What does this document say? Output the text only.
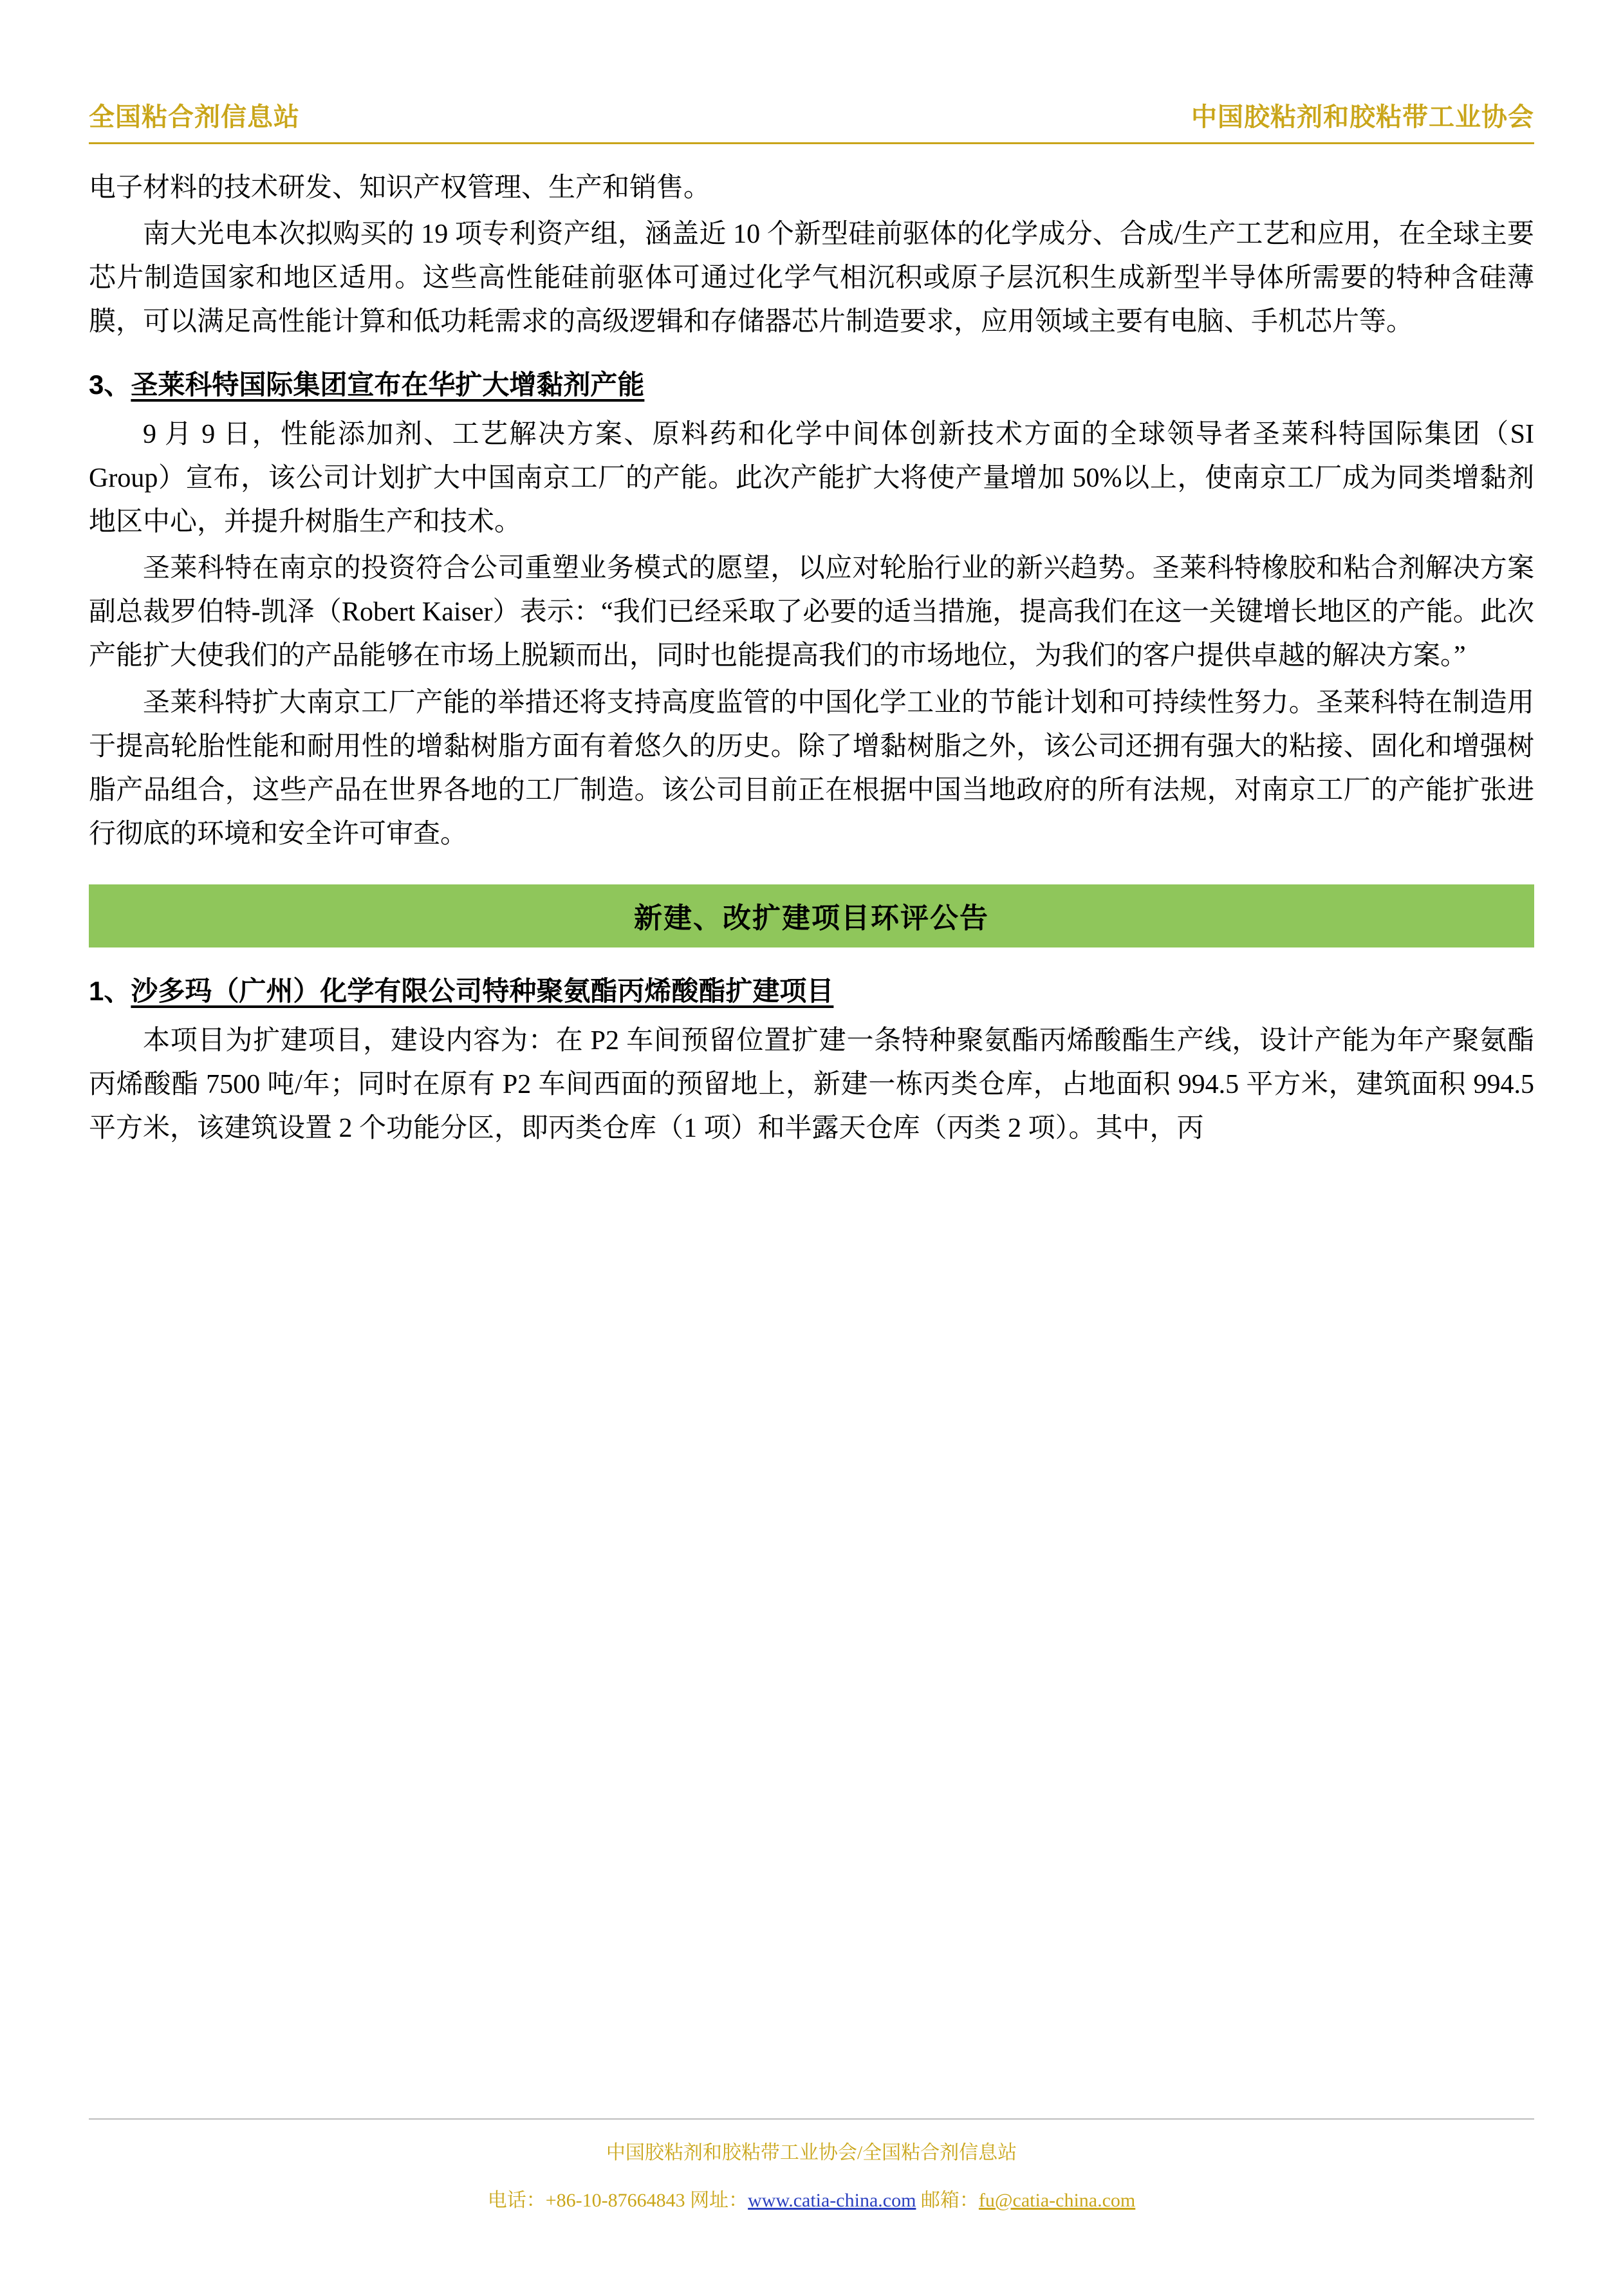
全国粘合剂信息站	中国胶粘剂和胶粘带工业协会

电子材料的技术研发、知识产权管理、生产和销售。

南大光电本次拟购买的 19 项专利资产组，涵盖近 10 个新型硅前驱体的化学成分、合成/生产工艺和应用，在全球主要芯片制造国家和地区适用。这些高性能硅前驱体可通过化学气相沉积或原子层沉积生成新型半导体所需要的特种含硅薄膜，可以满足高性能计算和低功耗需求的高级逻辑和存储器芯片制造要求，应用领域主要有电脑、手机芯片等。

3、圣莱科特国际集团宣布在华扩大增黏剂产能

9 月 9 日，性能添加剂、工艺解决方案、原料药和化学中间体创新技术方面的全球领导者圣莱科特国际集团（SI Group）宣布，该公司计划扩大中国南京工厂的产能。此次产能扩大将使产量增加 50%以上，使南京工厂成为同类增黏剂地区中心，并提升树脂生产和技术。

圣莱科特在南京的投资符合公司重塑业务模式的愿望，以应对轮胎行业的新兴趋势。圣莱科特橡胶和粘合剂解决方案副总裁罗伯特-凯泽（Robert Kaiser）表示：“我们已经采取了必要的适当措施，提高我们在这一关键增长地区的产能。此次产能扩大使我们的产品能够在市场上脱颖而出，同时也能提高我们的市场地位，为我们的客户提供卓越的解决方案。”

圣莱科特扩大南京工厂产能的举措还将支持高度监管的中国化学工业的节能计划和可持续性努力。圣莱科特在制造用于提高轮胎性能和耐用性的增黏树脂方面有着悠久的历史。除了增黏树脂之外，该公司还拥有强大的粘接、固化和增强树脂产品组合，这些产品在世界各地的工厂制造。该公司目前正在根据中国当地政府的所有法规，对南京工厂的产能扩张进行彻底的环境和安全许可审查。

新建、改扩建项目环评公告
1、沙多玛（广州）化学有限公司特种聚氨酯丙烯酸酯扩建项目

本项目为扩建项目，建设内容为：在 P2 车间预留位置扩建一条特种聚氨酯丙烯酸酯生产线，设计产能为年产聚氨酯丙烯酸酯 7500 吨/年；同时在原有 P2 车间西面的预留地上，新建一栋丙类仓库，占地面积 994.5 平方米，建筑面积 994.5 平方米，该建筑设置 2 个功能分区，即丙类仓库（1 项）和半露天仓库（丙类 2 项）。其中，丙

中国胶粘剂和胶粘带工业协会/全国粘合剂信息站
电话：+86-10-87664843 网址：www.catia-china.com 邮箱：fu@catia-china.com
